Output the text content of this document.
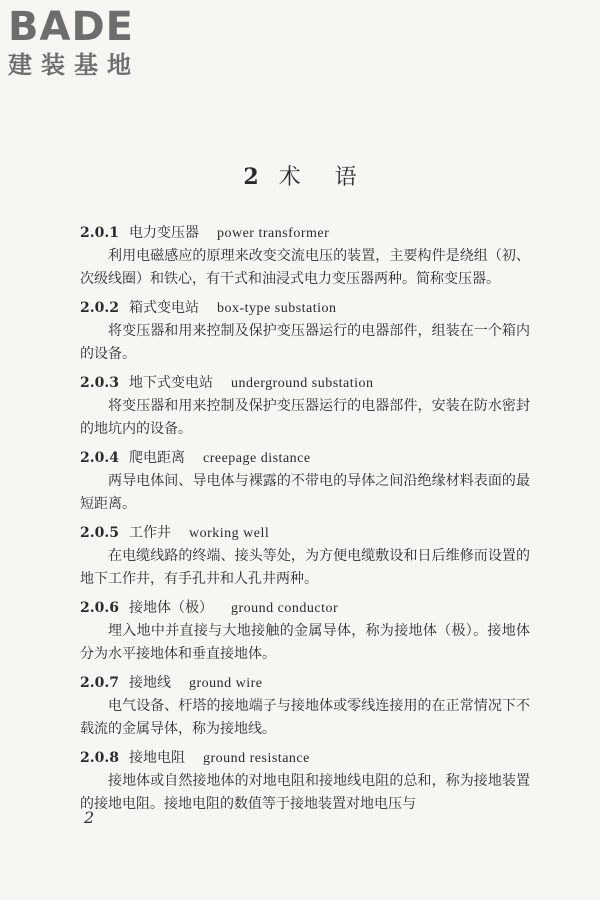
BADE
建装基地
2 术 语
2.0.1 电力变压器 power transformer
利用电磁感应的原理来改变交流电压的装置，主要构件是绕组（初、次级线圈）和铁心，有干式和油浸式电力变压器两种。简称变压器。
2.0.2 箱式变电站 box-type substation
将变压器和用来控制及保护变压器运行的电器部件，组装在一个箱内的设备。
2.0.3 地下式变电站 underground substation
将变压器和用来控制及保护变压器运行的电器部件，安装在防水密封的地坑内的设备。
2.0.4 爬电距离 creepage distance
两导电体间、导电体与裸露的不带电的导体之间沿绝缘材料表面的最短距离。
2.0.5 工作井 working well
在电缆线路的终端、接头等处，为方便电缆敷设和日后维修而设置的地下工作井，有手孔井和人孔井两种。
2.0.6 接地体（极） ground conductor
埋入地中并直接与大地接触的金属导体，称为接地体（极）。接地体分为水平接地体和垂直接地体。
2.0.7 接地线 ground wire
电气设备、杆塔的接地端子与接地体或零线连接用的在正常情况下不载流的金属导体，称为接地线。
2.0.8 接地电阻 ground resistance
接地体或自然接地体的对地电阻和接地线电阻的总和，称为接地装置的接地电阻。接地电阻的数值等于接地装置对地电压与
2
